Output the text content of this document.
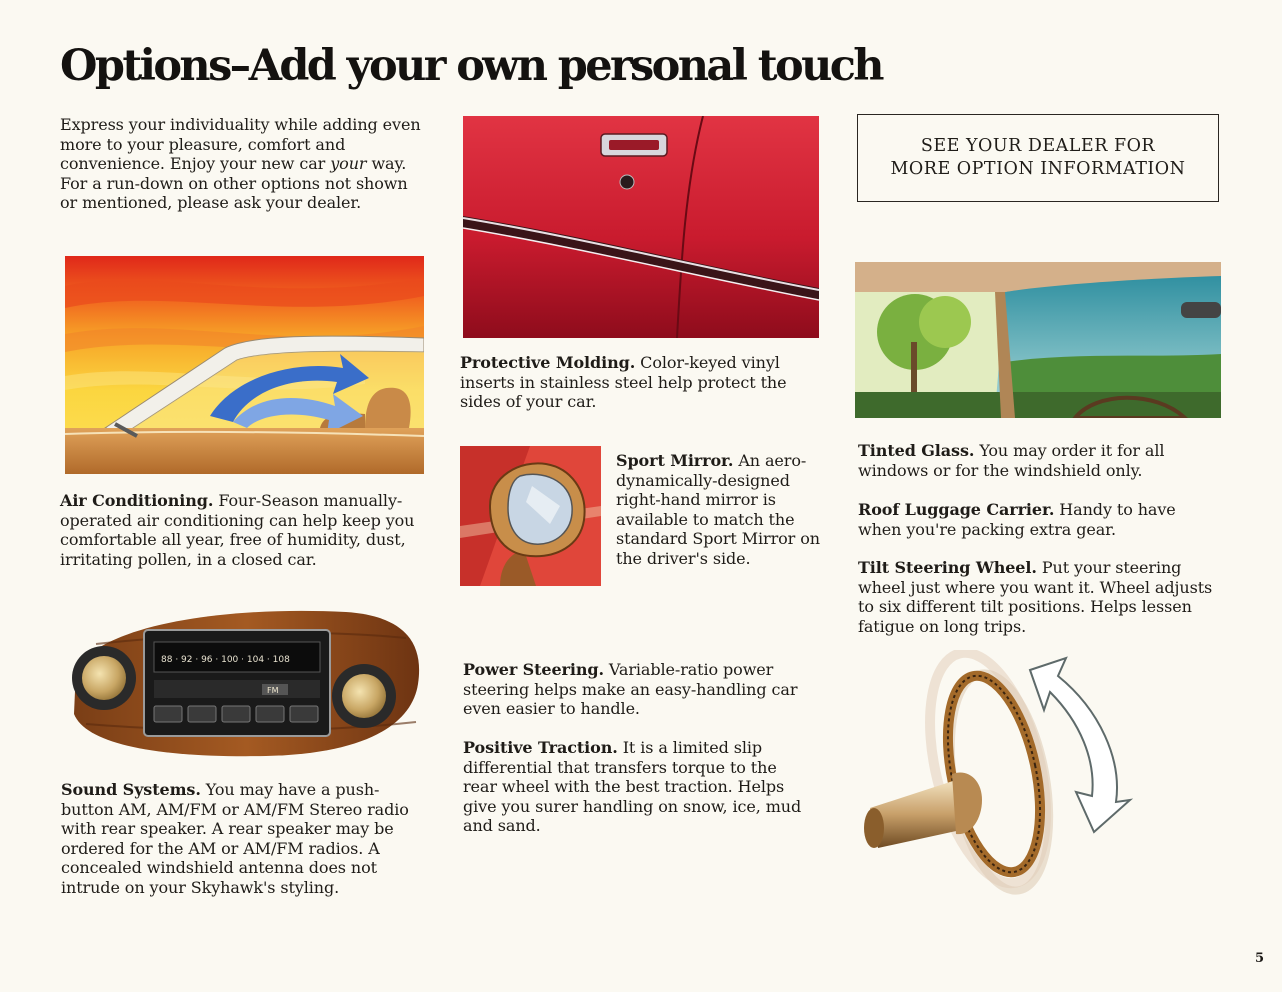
Options–Add your own personal touch

Express your individuality while adding even more to your pleasure, comfort and convenience. Enjoy your new car your way. For a run-down on other options not shown or mentioned, please ask your dealer.

SEE YOUR DEALER FOR
MORE OPTION INFORMATION

Air Conditioning. Four-Season manually-operated air conditioning can help keep you comfortable all year, free of humidity, dust, irritating pollen, in a closed car.

88 · 92 · 96 · 100 · 104 · 108
FM

Sound Systems. You may have a push-button AM, AM/FM or AM/FM Stereo radio with rear speaker. A rear speaker may be ordered for the AM or AM/FM radios. A concealed windshield antenna does not intrude on your Skyhawk's styling.

Protective Molding. Color-keyed vinyl inserts in stainless steel help protect the sides of your car.

Sport Mirror. An aero-dynamically-designed right-hand mirror is available to match the standard Sport Mirror on the driver's side.

Power Steering. Variable-ratio power steering helps make an easy-handling car even easier to handle.

Positive Traction. It is a limited slip differential that transfers torque to the rear wheel with the best traction. Helps give you surer handling on snow, ice, mud and sand.

Tinted Glass. You may order it for all windows or for the windshield only.

Roof Luggage Carrier. Handy to have when you're packing extra gear.

Tilt Steering Wheel. Put your steering wheel just where you want it. Wheel adjusts to six different tilt positions. Helps lessen fatigue on long trips.

5
